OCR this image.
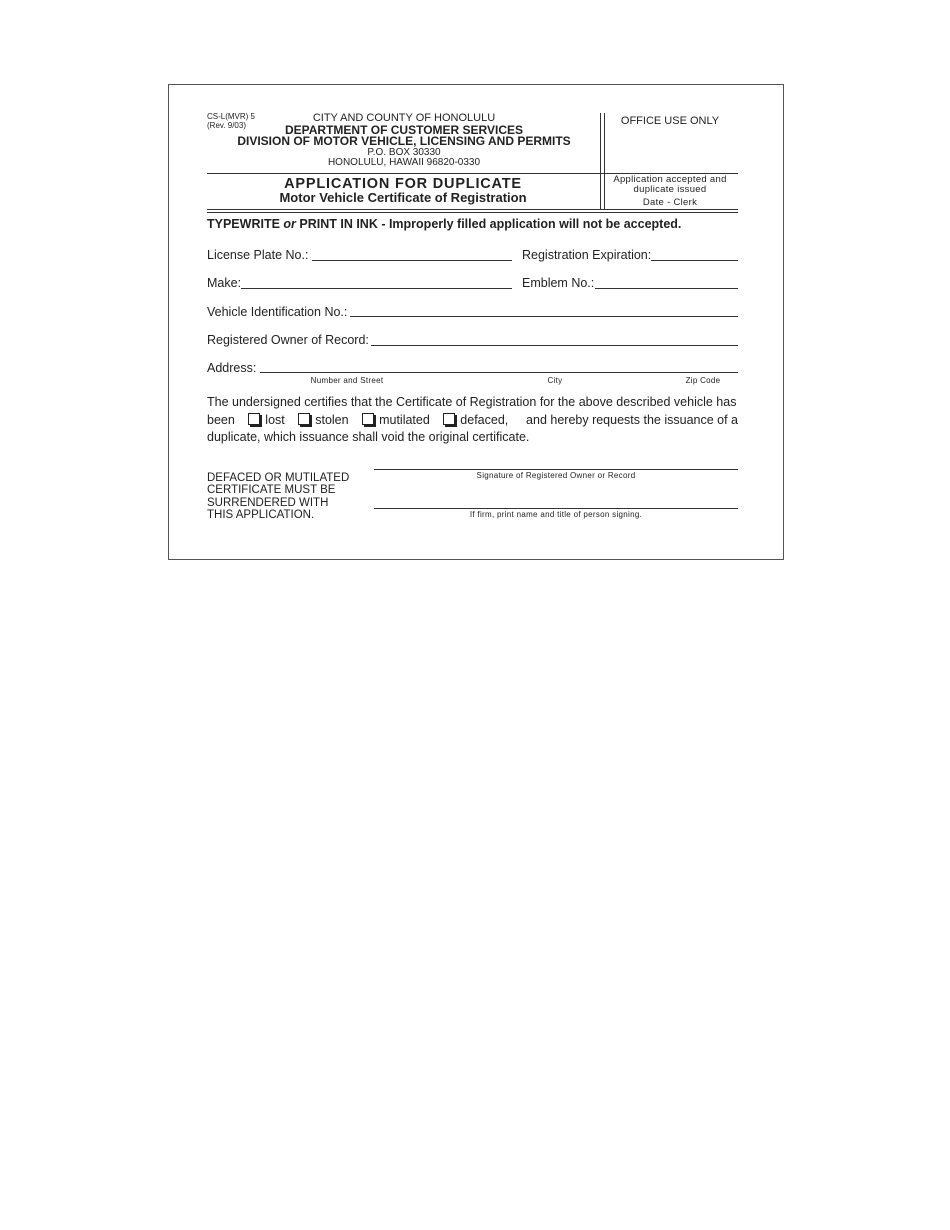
CS-L(MVR) 5
(Rev. 9/03)
CITY AND COUNTY OF HONOLULU
DEPARTMENT OF CUSTOMER SERVICES
DIVISION OF MOTOR VEHICLE, LICENSING AND PERMITS
P.O. BOX 30330
HONOLULU, HAWAII 96820-0330
OFFICE USE ONLY
Application accepted and
duplicate issued
Date - Clerk
APPLICATION FOR DUPLICATE
Motor Vehicle Certificate of Registration
TYPEWRITE or PRINT IN INK - Improperly filled application will not be accepted.
License Plate No.:	Registration Expiration:
Make:	Emblem No.:
Vehicle Identification No.:
Registered Owner of Record:
Address:
Number and Street	City	Zip Code
The undersigned certifies that the Certificate of Registration for the above described vehicle has
been lost stolen mutilated defaced, and hereby requests the issuance of a
duplicate, which issuance shall void the original certificate.
DEFACED OR MUTILATED
CERTIFICATE MUST BE
SURRENDERED WITH
THIS APPLICATION.
Signature of Registered Owner or Record
If firm, print name and title of person signing.
